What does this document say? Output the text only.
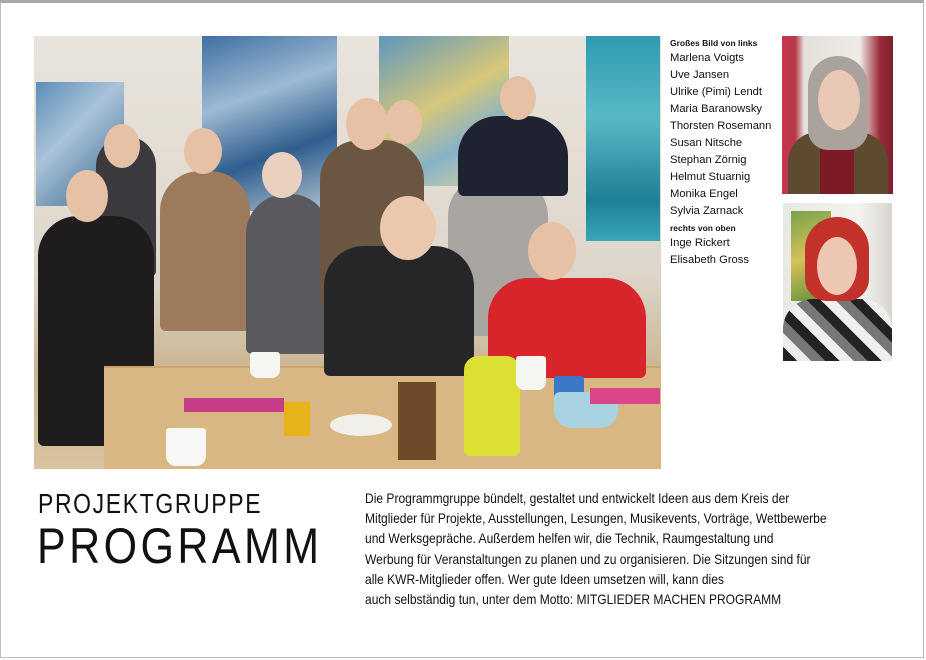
Großes Bild von links
Marlena Voigts
Uve Jansen
Ulrike (Pimi) Lendt
Maria Baranowsky
Thorsten Rosemann
Susan Nitsche
Stephan Zörnig
Helmut Stuarnig
Monika Engel
Sylvia Zarnack
rechts von oben
Inge Rickert
Elisabeth Gross
PROJEKTGRUPPE
PROGRAMM
Die Programmgruppe bündelt, gestaltet und entwickelt Ideen aus dem Kreis der
Mitglieder für Projekte, Ausstellungen, Lesungen, Musikevents, Vorträge, Wettbewerbe
und Werksgepräche. Außerdem helfen wir, die Technik, Raumgestaltung und
Werbung für Veranstaltungen zu planen und zu organisieren. Die Sitzungen sind für
alle KWR-Mitglieder offen. Wer gute Ideen umsetzen will, kann dies
auch selbständig tun, unter dem Motto: MITGLIEDER MACHEN PROGRAMM
